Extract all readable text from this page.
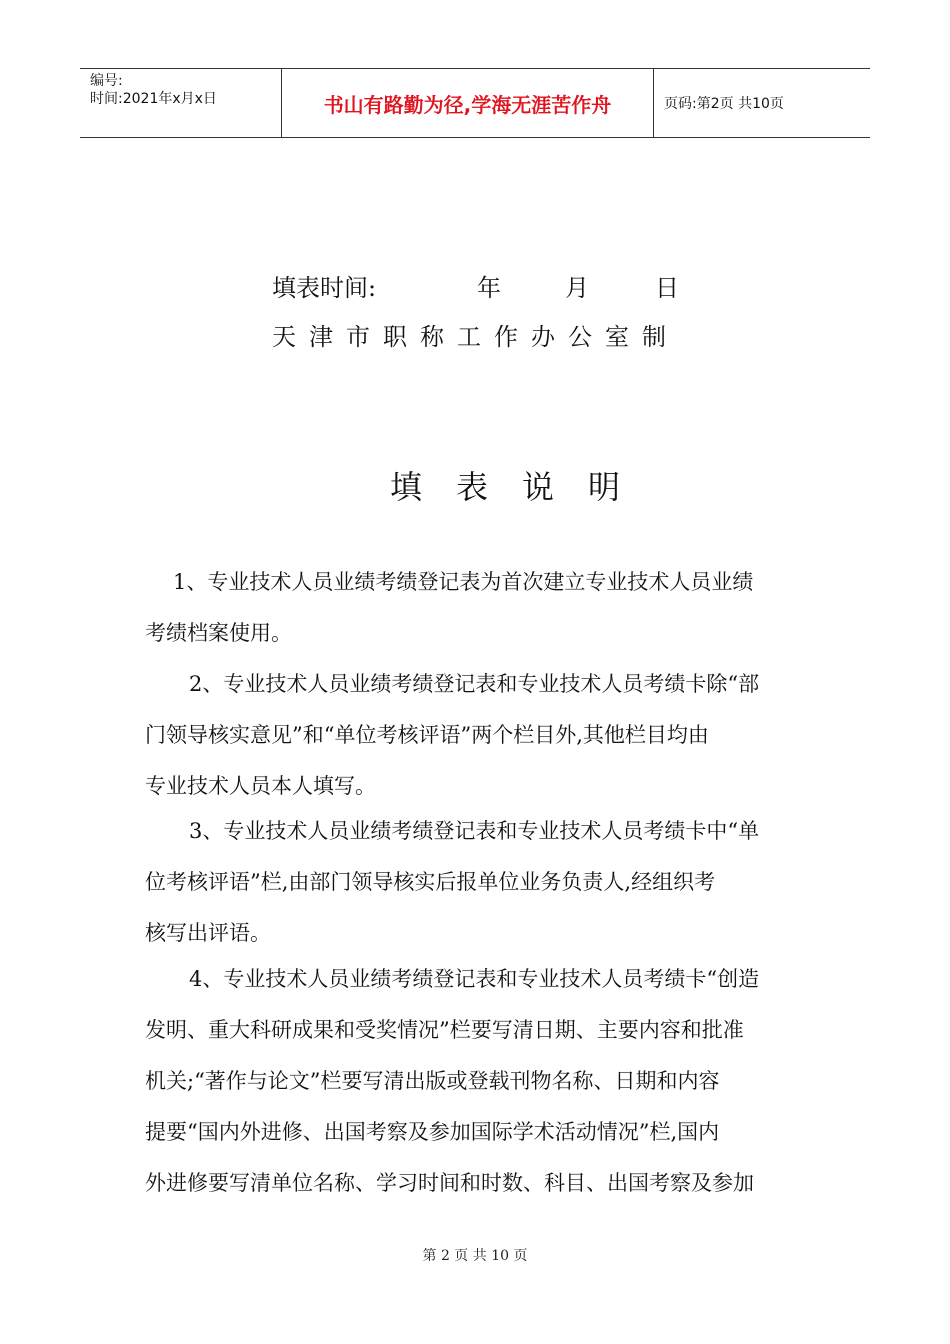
编号:
时间:2021年x月x日	书山有路勤为径,学海无涯苦作舟	页码:第2页 共10页
填表时间:	年	月	日
天津市职称工作办公室制
填表说明
1、专业技术人员业绩考绩登记表为首次建立专业技术人员业绩
考绩档案使用。
2、专业技术人员业绩考绩登记表和专业技术人员考绩卡除“部
门领导核实意见”和“单位考核评语”两个栏目外,其他栏目均由
专业技术人员本人填写。
3、专业技术人员业绩考绩登记表和专业技术人员考绩卡中“单
位考核评语”栏,由部门领导核实后报单位业务负责人,经组织考
核写出评语。
4、专业技术人员业绩考绩登记表和专业技术人员考绩卡“创造
发明、重大科研成果和受奖情况”栏要写清日期、主要内容和批准
机关;“著作与论文”栏要写清出版或登载刊物名称、日期和内容
提要“国内外进修、出国考察及参加国际学术活动情况”栏,国内
外进修要写清单位名称、学习时间和时数、科目、出国考察及参加
第 2 页 共 10 页
